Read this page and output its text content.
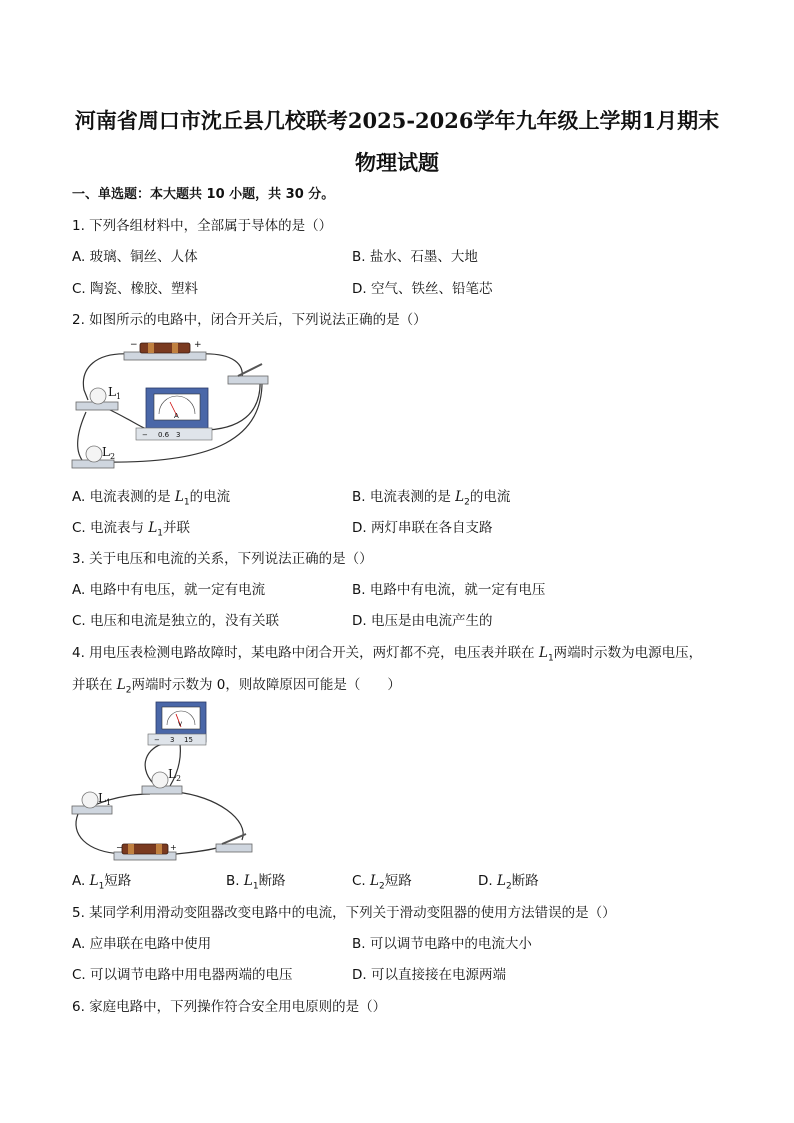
河南省周口市沈丘县几校联考2025-2026学年九年级上学期1月期末
物理试题
一、单选题：本大题共 10 小题，共 30 分。
1. 下列各组材料中，全部属于导体的是（）
A. 玻璃、铜丝、人体	B. 盐水、石墨、大地
C. 陶瓷、橡胶、塑料	D. 空气、铁丝、铅笔芯
2. 如图所示的电路中，闭合开关后，下列说法正确的是（）
−	+
$L_1$
$L_2$
A
− 0.6 3
A. 电流表测的是 $L_1$的电流	B. 电流表测的是 $L_2$的电流
C. 电流表与 $L_1$并联	D. 两灯串联在各自支路
3. 关于电压和电流的关系，下列说法正确的是（）
A. 电路中有电压，就一定有电流	B. 电路中有电流，就一定有电压
C. 电压和电流是独立的，没有关联	D. 电压是由电流产生的
4. 用电压表检测电路故障时，某电路中闭合开关，两灯都不亮，电压表并联在 $L_1$两端时示数为电源电压，
并联在 $L_2$两端时示数为 0，则故障原因可能是（　　）
V
− 3 15
$L_2$
$L_1$
−	+
A. $L_1$短路	B. $L_1$断路	C. $L_2$短路	D. $L_2$断路
5. 某同学利用滑动变阻器改变电路中的电流，下列关于滑动变阻器的使用方法错误的是（）
A. 应串联在电路中使用	B. 可以调节电路中的电流大小
C. 可以调节电路中用电器两端的电压	D. 可以直接接在电源两端
6. 家庭电路中，下列操作符合安全用电原则的是（）
